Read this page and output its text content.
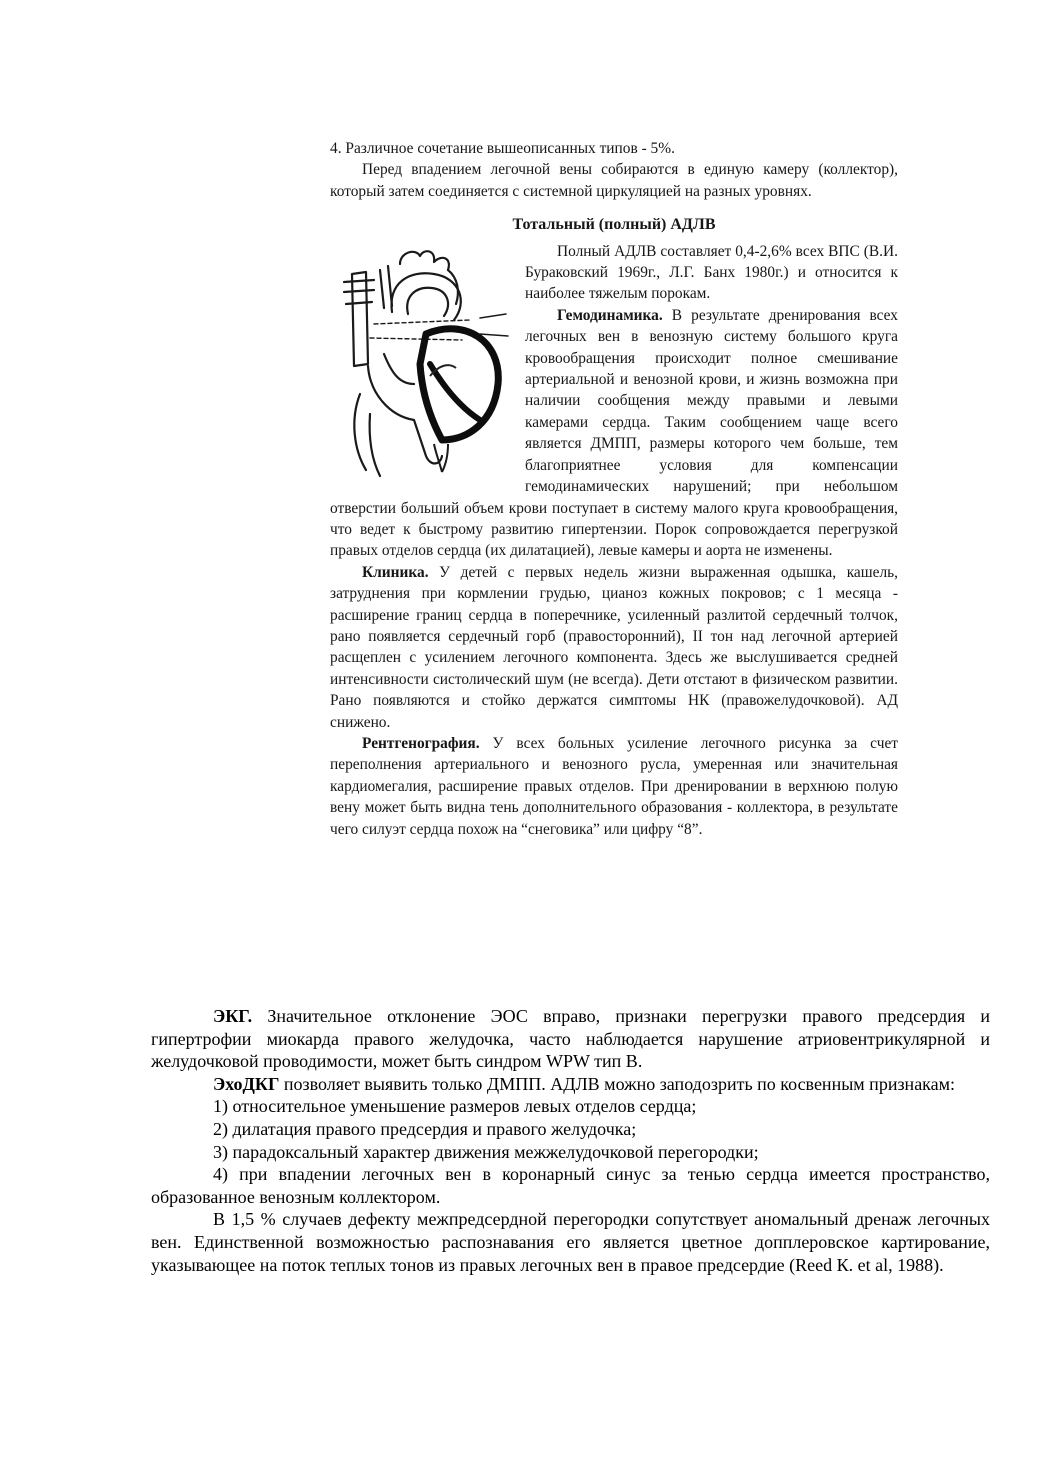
4. Различное сочетание вышеописанных типов - 5%.

Перед впадением легочной вены собираются в единую камеру (коллектор), который затем соединяется с системной циркуляцией на разных уровнях.

Тотальный (полный) АДЛВ

Полный АДЛВ составляет 0,4-2,6% всех ВПС (В.И. Бураковский 1969г., Л.Г. Банх 1980г.) и относится к наиболее тяжелым порокам.

Гемодинамика. В результате дренирования всех легочных вен в венозную систему большого круга кровообращения происходит полное смешивание артериальной и венозной крови, и жизнь возможна при наличии сообщения между правыми и левыми камерами сердца. Таким сообщением чаще всего является ДМПП, размеры которого чем больше, тем благоприятнее условия для компенсации гемодинамических нарушений; при небольшом отверстии больший объем крови поступает в систему малого круга кровообращения, что ведет к быстрому развитию гипертензии. Порок сопровождается перегрузкой правых отделов сердца (их дилатацией), левые камеры и аорта не изменены.

Клиника. У детей с первых недель жизни выраженная одышка, кашель, затруднения при кормлении грудью, цианоз кожных покровов; с 1 месяца - расширение границ сердца в поперечнике, усиленный разлитой сердечный толчок, рано появляется сердечный горб (правосторонний), II тон над легочной артерией расщеплен с усилением легочного компонента. Здесь же выслушивается средней интенсивности систолический шум (не всегда). Дети отстают в физическом развитии. Рано появляются и стойко держатся симптомы НК (правожелудочковой). АД снижено.

Рентгенография. У всех больных усиление легочного рисунка за счет переполнения артериального и венозного русла, умеренная или значительная кардиомегалия, расширение правых отделов. При дренировании в верхнюю полую вену может быть видна тень дополнительного образования - коллектора, в результате чего силуэт сердца похож на “снеговика” или цифру “8”.

ЭКГ. Значительное отклонение ЭОС вправо, признаки перегрузки правого предсердия и гипертрофии миокарда правого желудочка, часто наблюдается нарушение атриовентрикулярной и желудочковой проводимости, может быть синдром WPW тип В.

ЭхоДКГ позволяет выявить только ДМПП. АДЛВ можно заподозрить по косвенным признакам:

1) относительное уменьшение размеров левых отделов сердца;

2) дилатация правого предсердия и правого желудочка;

3) парадоксальный характер движения межжелудочковой перегородки;

4) при впадении легочных вен в коронарный синус за тенью сердца имеется пространство, образованное венозным коллектором.

В 1,5 % случаев дефекту межпредсердной перегородки сопутствует аномальный дренаж легочных вен. Единственной возможностью распознавания его является цветное допплеровское картирование, указывающее на поток теплых тонов из правых легочных вен в правое предсердие (Reed К. et al, 1988).
